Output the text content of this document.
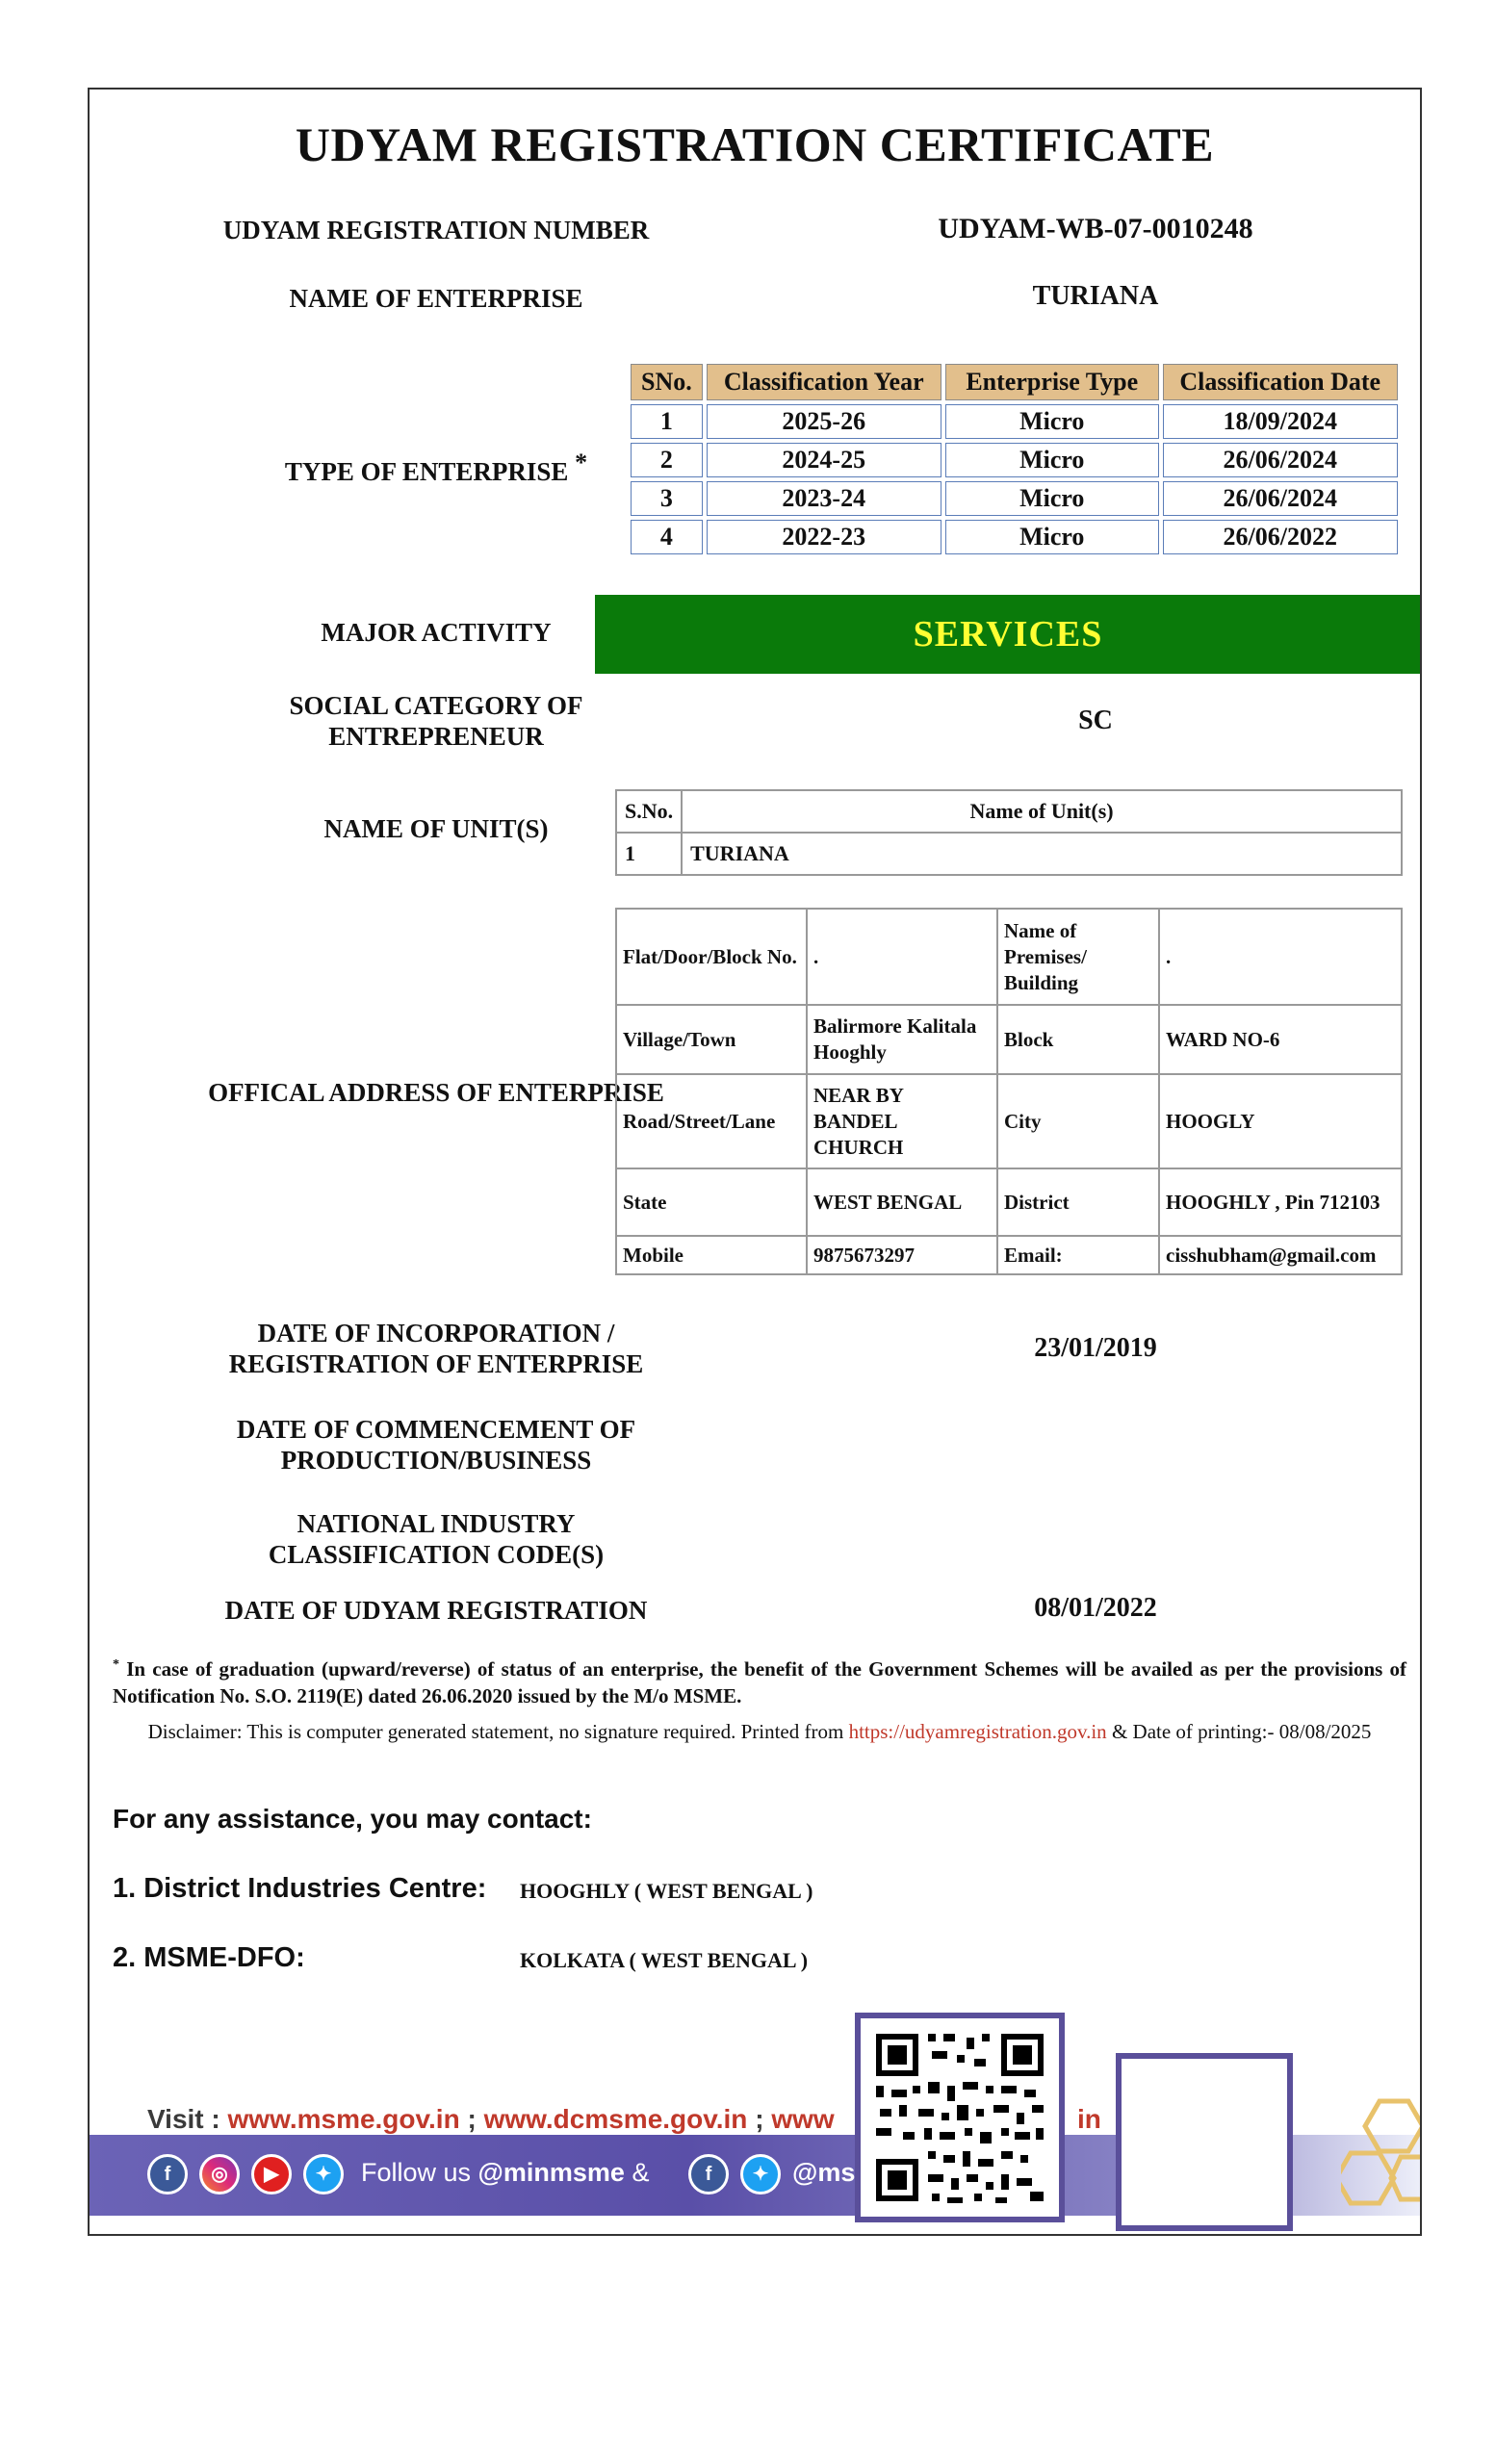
UDYAM REGISTRATION CERTIFICATE
UDYAM REGISTRATION NUMBER	UDYAM-WB-07-0010248
NAME OF ENTERPRISE	TURIANA
TYPE OF ENTERPRISE *
SNo.	Classification Year	Enterprise Type	Classification Date
1	2025-26	Micro	18/09/2024
2	2024-25	Micro	26/06/2024
3	2023-24	Micro	26/06/2024
4	2022-23	Micro	26/06/2022
MAJOR ACTIVITY	SERVICES
SOCIAL CATEGORY OF
ENTREPRENEUR
SC
NAME OF UNIT(S)
S.No.	Name of Unit(s)
1	TURIANA
OFFICAL ADDRESS OF ENTERPRISE
Flat/Door/Block No.	.	Name of Premises/ Building	.
Village/Town	Balirmore Kalitala Hooghly	Block	WARD NO-6
Road/Street/Lane	NEAR BY BANDEL CHURCH	City	HOOGLY
State	WEST BENGAL	District	HOOGHLY , Pin 712103
Mobile	9875673297	Email:	cisshubham@gmail.com
DATE OF INCORPORATION /
REGISTRATION OF ENTERPRISE
23/01/2019
DATE OF COMMENCEMENT OF
PRODUCTION/BUSINESS
NATIONAL INDUSTRY
CLASSIFICATION CODE(S)
DATE OF UDYAM REGISTRATION	08/01/2022
* In case of graduation (upward/reverse) of status of an enterprise, the benefit of the Government Schemes will be availed as per the provisions of Notification No. S.O. 2119(E) dated 26.06.2020 issued by the M/o MSME.
Disclaimer: This is computer generated statement, no signature required. Printed from https://udyamregistration.gov.in & Date of printing:- 08/08/2025
For any assistance, you may contact:
1. District Industries Centre: HOOGHLY ( WEST BENGAL )
2. MSME-DFO:	KOLKATA ( WEST BENGAL )
Visit : www.msme.gov.in ; www.dcmsme.gov.in ; www	in
f	◎	▶	✦	Follow us @minmsme &	f	✦ @ms
